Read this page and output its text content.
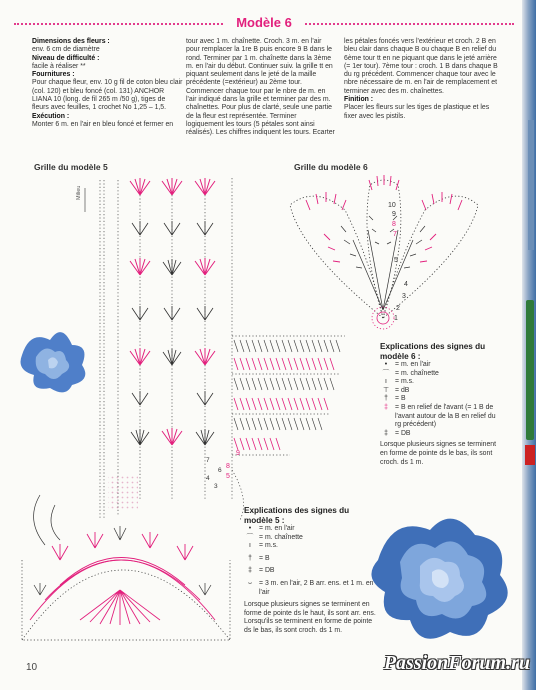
Modèle 6

Dimensions des fleurs :

env. 6 cm de diamètre

Niveau de difficulté :

facile à réaliser **

Fournitures :

Pour chaque fleur, env. 10 g fil de coton bleu clair (col. 120) et bleu foncé (col. 131) ANCHOR LIANA 10 (long. de fil 265 m /50 g), tiges de fleurs avec feuilles, 1 crochet No 1,25 – 1,5.

Exécution :

Monter 6 m. en l'air en bleu foncé et fermer en

tour avec 1 m. chaînette. Croch. 3 m. en l'air pour remplacer la 1re B puis encore 9 B dans le rond. Terminer par 1 m. chaînette dans la 3ème m. en l'air du début. Continuer suiv. la grille tt en piquant seulement dans le jeté de la maille précédente (=extérieur) au 2ème tour. Commencer chaque tour par le nbre de m. en l'air indiqué dans la grille et terminer par des m. chaînettes. Pour plus de clarté, seule une partie de la fleur est représentée. Terminer logiquement les tours (5 pétales sont ainsi réalisés). Les chiffres indiquent les tours. Ecarter

les pétales foncés vers l'extérieur et croch. 2 B en bleu clair dans chaque B ou chaque B en relief du 6ème tour tt en ne piquant que dans le jeté arrière (= 1er tour). 7ème tour : croch. 1 B dans chaque B du rg précédent. Commencer chaque tour avec le nbre nécessaire de m. en l'air de remplacement et terminer avec des m. chaînettes.

Finition :

Placer les fleurs sur les tiges de plastique et les fixer avec les pistils.

Grille du modèle 5	Grille du modèle 6
9
8
5
7
6
4
3
Milieu
10
9
8
7
5
4
3
2
1
Explications des signes du modèle 6 :
•	= m. en l'air
⌒ = m. chaînette
ı	= m.s.
⊤ = dB
†	= B
‡	= B en relief de l'avant (= 1 B de l'avant autour de la B en relief du rg précédent)
‡	= DB
Lorsque plusieurs signes se terminent en forme de pointe ds le bas, ils sont croch. ds 1 m.
Explications des signes du modèle 5 :
•	= m. en l'air
⌒ = m. chaînette
ı	= m.s.
†	= B
‡	= DB
⌣ = 3 m. en l'air, 2 B arr. ens. et 1 m. en l'air
Lorsque plusieurs signes se terminent en forme de pointe ds le haut, ils sont arr. ens. Lorsqu'ils se terminent en forme de pointe ds le bas, ils sont croch. ds 1 m.
10	PassionForum.ru
